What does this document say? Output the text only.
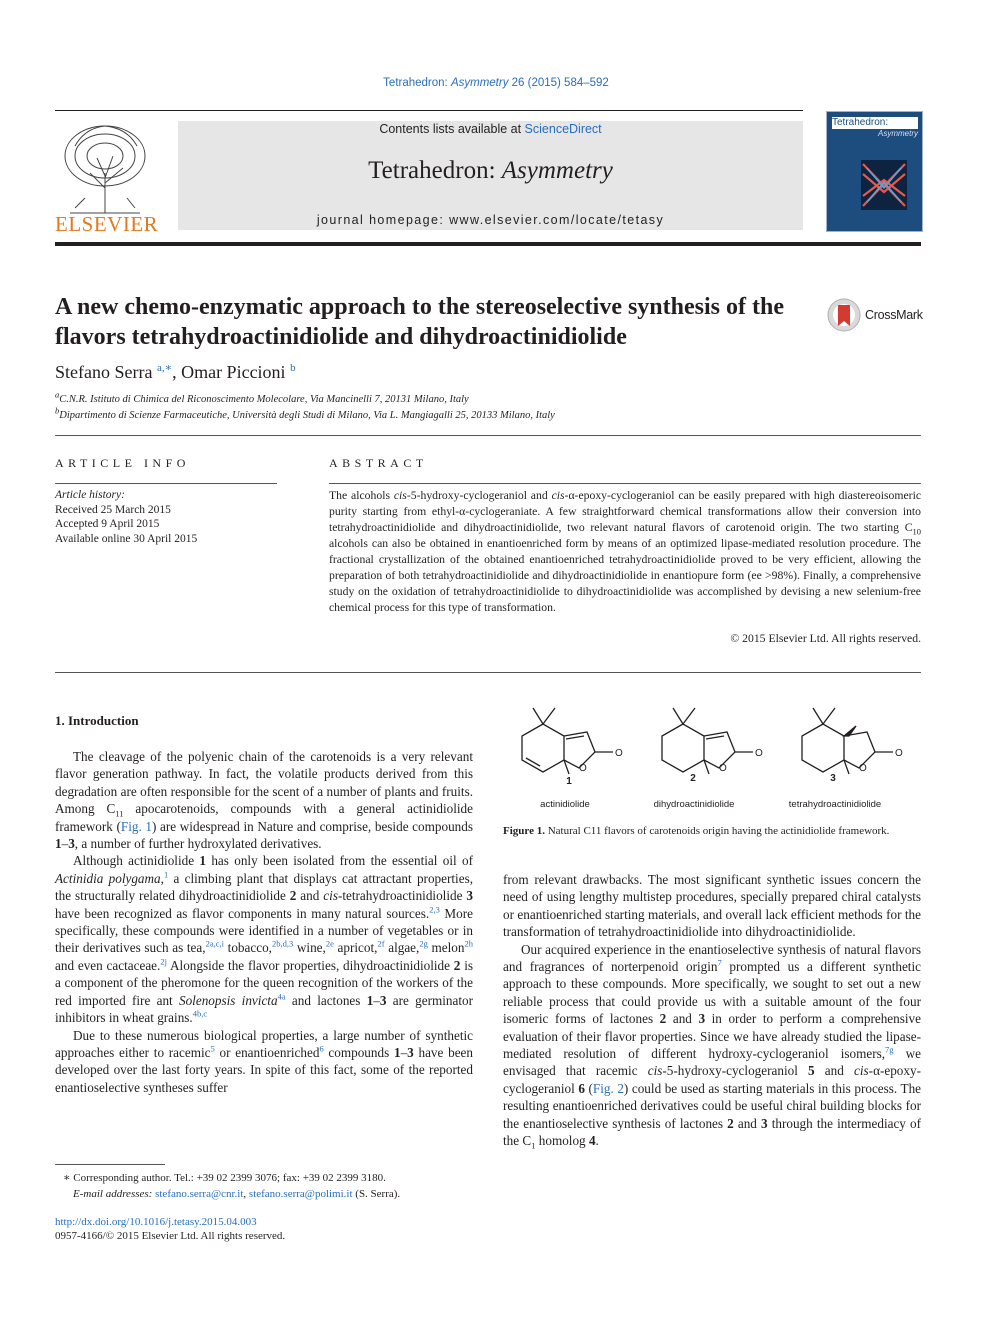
Tetrahedron: Asymmetry 26 (2015) 584–592
ELSEVIER
Contents lists available at ScienceDirect
Tetrahedron: Asymmetry
journal homepage: www.elsevier.com/locate/tetasy
Tetrahedron:
Asymmetry
A new chemo-enzymatic approach to the stereoselective synthesis of the flavors tetrahydroactinidiolide and dihydroactinidiolide
CrossMark
Stefano Serra $^{a,∗}$, Omar Piccioni $^b$
$^a$C.N.R. Istituto di Chimica del Riconoscimento Molecolare, Via Mancinelli 7, 20131 Milano, Italy
$^b$Dipartimento di Scienze Farmaceutiche, Università degli Studi di Milano, Via L. Mangiagalli 25, 20133 Milano, Italy
ARTICLE INFO
Article history:
Received 25 March 2015
Accepted 9 April 2015
Available online 30 April 2015
ABSTRACT
The alcohols cis-5-hydroxy-cyclogeraniol and cis-α-epoxy-cyclogeraniol can be easily prepared with high diastereoisomeric purity starting from ethyl-α-cyclogeraniate. A few straightforward chemical transformations allow their conversion into tetrahydroactinidiolide and dihydroactinidiolide, two relevant natural flavors of carotenoid origin. The two starting $C_{10}$ alcohols can also be obtained in enantioenriched form by means of an optimized lipase-mediated resolution procedure. The fractional crystallization of the obtained enantioenriched tetrahydroactinidiolide proved to be very efficient, allowing the preparation of both tetrahydroactinidiolide and dihydroactinidiolide in enantiopure form (ee >98%). Finally, a comprehensive study on the oxidation of tetrahydroactinidiolide to dihydroactinidiolide was accomplished by devising a new selenium-free chemical process for this type of transformation.
© 2015 Elsevier Ltd. All rights reserved.
1. Introduction

The cleavage of the polyenic chain of the carotenoids is a very relevant flavor generation pathway. In fact, the volatile products derived from this degradation are often responsible for the scent of a number of plants and fruits. Among $C_{11}$ apocarotenoids, compounds with a general actinidiolide framework (Fig. 1) are widespread in Nature and comprise, beside compounds 1–3, a number of further hydroxylated derivatives.

Although actinidiolide 1 has only been isolated from the essential oil of Actinidia polygama,$^1$ a climbing plant that displays cat attractant properties, the structurally related dihydroactinidiolide 2 and cis-tetrahydroactinidiolide 3 have been recognized as flavor components in many natural sources.$^{2,3}$ More specifically, these compounds were identified in a number of vegetables or in their derivatives such as tea,$^{2a,c,i}$ tobacco,$^{2b,d,3}$ wine,$^{2e}$ apricot,$^{2f}$ algae,$^{2g}$ melon$^{2h}$ and even cactaceae.$^{2j}$ Alongside the flavor properties, dihydroactinidiolide 2 is a component of the pheromone for the queen recognition of the workers of the red imported fire ant Solenopsis invicta$^{4a}$ and lactones 1–3 are germinator inhibitors in wheat grains.$^{4b,c}$

Due to these numerous biological properties, a large number of synthetic approaches either to racemic$^5$ or enantioenriched$^6$ compounds 1–3 have been developed over the last forty years. In spite of this fact, some of the reported enantioselective syntheses suffer

O
O
O
O
O
O
1	2	3
actinidiolide	dihydroactinidiolide	tetrahydroactinidiolide
Figure 1. Natural C11 flavors of carotenoids origin having the actinidiolide framework.

from relevant drawbacks. The most significant synthetic issues concern the need of using lengthy multistep procedures, specially prepared chiral catalysts or enantioenriched starting materials, and overall lack efficient methods for the transformation of tetrahydroactinidiolide into dihydroactinidiolide.

Our acquired experience in the enantioselective synthesis of natural flavors and fragrances of norterpenoid origin$^7$ prompted us a different synthetic approach to these compounds. More specifically, we sought to set out a new reliable process that could provide us with a suitable amount of the four isomeric forms of lactones 2 and 3 in order to perform a comprehensive evaluation of their flavor properties. Since we have already studied the lipase-mediated resolution of different hydroxy-cyclogeraniol isomers,$^{7g}$ we envisaged that racemic cis-5-hydroxy-cyclogeraniol 5 and cis-α-epoxy-cyclogeraniol 6 (Fig. 2) could be used as starting materials in this process. The resulting enantioenriched derivatives could be useful chiral building blocks for the enantioselective synthesis of lactones 2 and 3 through the intermediacy of the $C_1$ homolog 4.

∗ Corresponding author. Tel.: +39 02 2399 3076; fax: +39 02 2399 3180.
E-mail addresses: stefano.serra@cnr.it, stefano.serra@polimi.it (S. Serra).
http://dx.doi.org/10.1016/j.tetasy.2015.04.003
0957-4166/© 2015 Elsevier Ltd. All rights reserved.
